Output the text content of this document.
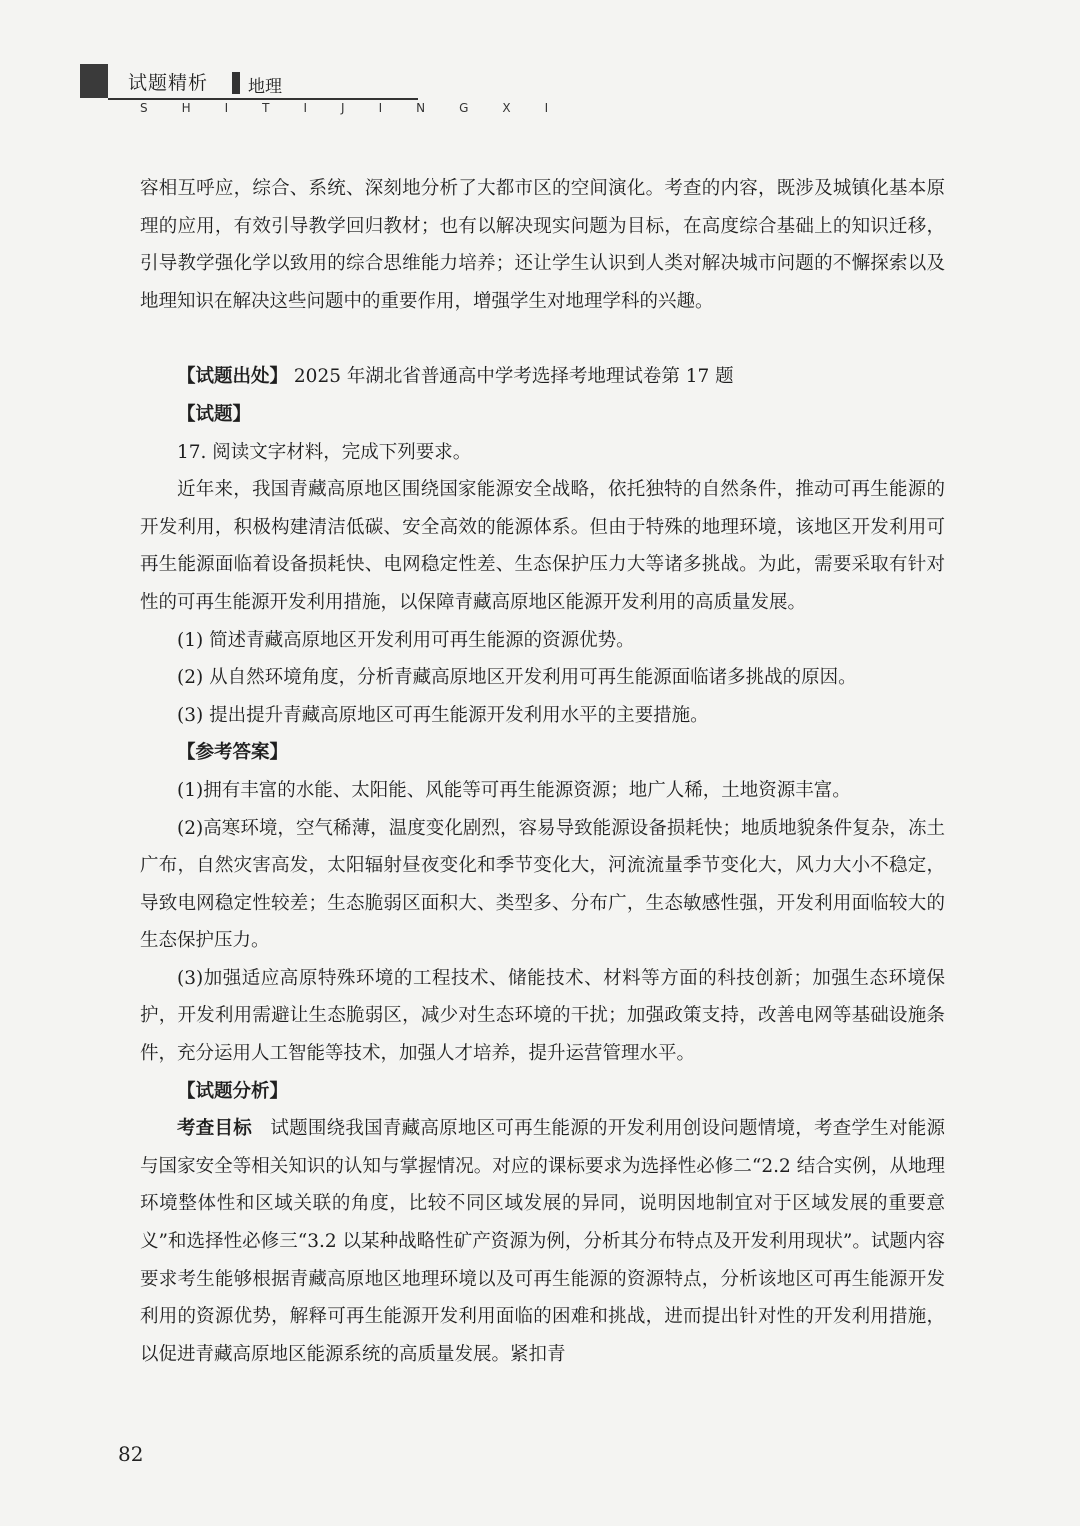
试题精析 地理
SHITIJINGXI

容相互呼应，综合、系统、深刻地分析了大都市区的空间演化。考查的内容，既涉及城镇化基本原理的应用，有效引导教学回归教材；也有以解决现实问题为目标，在高度综合基础上的知识迁移，引导教学强化学以致用的综合思维能力培养；还让学生认识到人类对解决城市问题的不懈探索以及地理知识在解决这些问题中的重要作用，增强学生对地理学科的兴趣。

【试题出处】 2025 年湖北省普通高中学考选择考地理试卷第 17 题

【试题】

17. 阅读文字材料，完成下列要求。

近年来，我国青藏高原地区围绕国家能源安全战略，依托独特的自然条件，推动可再生能源的开发利用，积极构建清洁低碳、安全高效的能源体系。但由于特殊的地理环境，该地区开发利用可再生能源面临着设备损耗快、电网稳定性差、生态保护压力大等诸多挑战。为此，需要采取有针对性的可再生能源开发利用措施，以保障青藏高原地区能源开发利用的高质量发展。

(1) 简述青藏高原地区开发利用可再生能源的资源优势。

(2) 从自然环境角度，分析青藏高原地区开发利用可再生能源面临诸多挑战的原因。

(3) 提出提升青藏高原地区可再生能源开发利用水平的主要措施。

【参考答案】

(1)拥有丰富的水能、太阳能、风能等可再生能源资源；地广人稀，土地资源丰富。

(2)高寒环境，空气稀薄，温度变化剧烈，容易导致能源设备损耗快；地质地貌条件复杂，冻土广布，自然灾害高发，太阳辐射昼夜变化和季节变化大，河流流量季节变化大，风力大小不稳定，导致电网稳定性较差；生态脆弱区面积大、类型多、分布广，生态敏感性强，开发利用面临较大的生态保护压力。

(3)加强适应高原特殊环境的工程技术、储能技术、材料等方面的科技创新；加强生态环境保护，开发利用需避让生态脆弱区，减少对生态环境的干扰；加强政策支持，改善电网等基础设施条件，充分运用人工智能等技术，加强人才培养，提升运营管理水平。

【试题分析】

考查目标 试题围绕我国青藏高原地区可再生能源的开发利用创设问题情境，考查学生对能源与国家安全等相关知识的认知与掌握情况。对应的课标要求为选择性必修二“2.2 结合实例，从地理环境整体性和区域关联的角度，比较不同区域发展的异同，说明因地制宜对于区域发展的重要意义”和选择性必修三“3.2 以某种战略性矿产资源为例，分析其分布特点及开发利用现状”。试题内容要求考生能够根据青藏高原地区地理环境以及可再生能源的资源特点，分析该地区可再生能源开发利用的资源优势，解释可再生能源开发利用面临的困难和挑战，进而提出针对性的开发利用措施，以促进青藏高原地区能源系统的高质量发展。紧扣青

82
